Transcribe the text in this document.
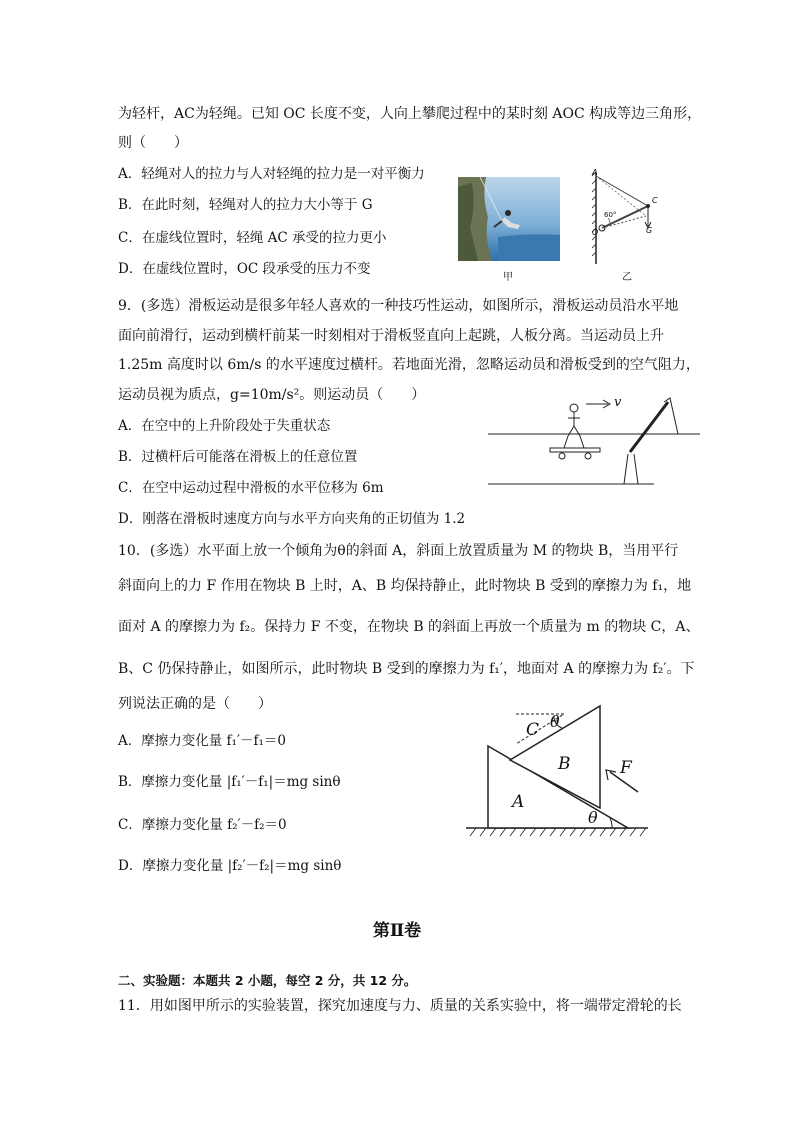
为轻杆，AC为轻绳。已知 OC 长度不变，人向上攀爬过程中的某时刻 AOC 构成等边三角形，
则（　　）
A．轻绳对人的拉力与人对轻绳的拉力是一对平衡力
B．在此时刻，轻绳对人的拉力大小等于 G
C．在虚线位置时，轻绳 AC 承受的拉力更小
D．在虚线位置时，OC 段承受的压力不变
甲
A
C
O	G
60°
乙
9．(多选）滑板运动是很多年轻人喜欢的一种技巧性运动，如图所示，滑板运动员沿水平地
面向前滑行，运动到横杆前某一时刻相对于滑板竖直向上起跳，人板分离。当运动员上升
1.25m 高度时以 6m/s 的水平速度过横杆。若地面光滑，忽略运动员和滑板受到的空气阻力，
运动员视为质点，g=10m/s²。则运动员（　　）
A．在空中的上升阶段处于失重状态
B．过横杆后可能落在滑板上的任意位置
C．在空中运动过程中滑板的水平位移为 6m
D．刚落在滑板时速度方向与水平方向夹角的正切值为 1.2
v
10．(多选）水平面上放一个倾角为θ的斜面 A，斜面上放置质量为 M 的物块 B，当用平行
斜面向上的力 F 作用在物块 B 上时，A、B 均保持静止，此时物块 B 受到的摩擦力为 f₁，地
面对 A 的摩擦力为 f₂。保持力 F 不变，在物块 B 的斜面上再放一个质量为 m 的物块 C，A、
B、C 仍保持静止，如图所示，此时物块 B 受到的摩擦力为 f₁′，地面对 A 的摩擦力为 f₂′。下
列说法正确的是（　　）
A．摩擦力变化量 f₁′－f₁＝0
B．摩擦力变化量 |f₁′－f₁|＝mg sinθ
C．摩擦力变化量 f₂′－f₂＝0
D．摩擦力变化量 |f₂′－f₂|＝mg sinθ
A
B
C
F
θ
θ
第Ⅱ卷
二、实验题：本题共 2 小题，每空 2 分，共 12 分。
11．用如图甲所示的实验装置，探究加速度与力、质量的关系实验中，将一端带定滑轮的长
